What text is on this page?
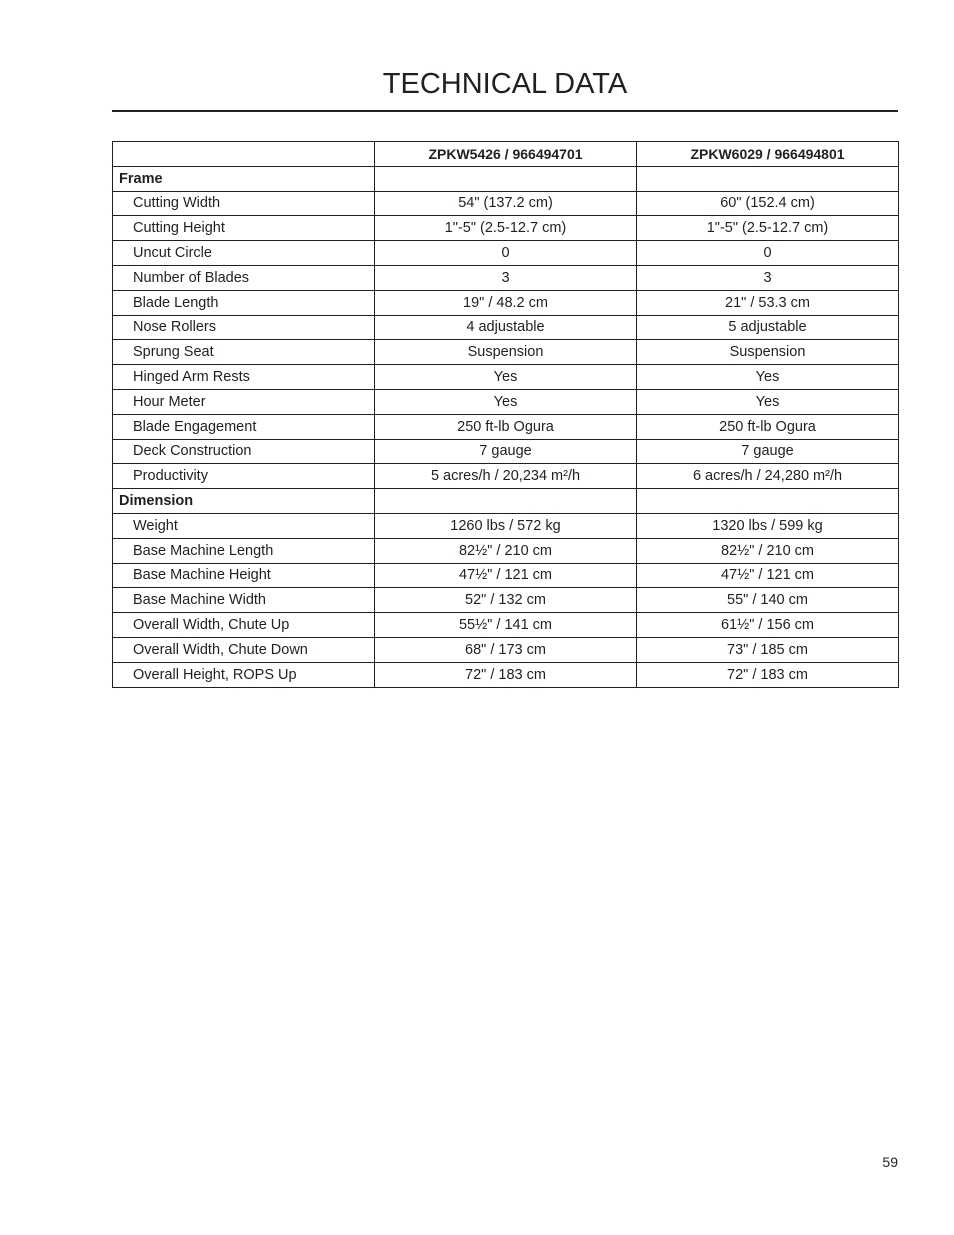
TECHNICAL DATA
	ZPKW5426 / 966494701	ZPKW6029 / 966494801
Frame		
Cutting Width	54" (137.2 cm)	60" (152.4 cm)
Cutting Height	1"-5" (2.5-12.7 cm)	1"-5" (2.5-12.7 cm)
Uncut Circle	0	0
Number of Blades	3	3
Blade Length	19" / 48.2 cm	21" / 53.3 cm
Nose Rollers	4 adjustable	5 adjustable
Sprung Seat	Suspension	Suspension
Hinged Arm Rests	Yes	Yes
Hour Meter	Yes	Yes
Blade Engagement	250 ft-lb Ogura	250 ft-lb Ogura
Deck Construction	7 gauge	7 gauge
Productivity	5 acres/h / 20,234 m²/h	6 acres/h / 24,280 m²/h
Dimension		
Weight	1260 lbs / 572 kg	1320 lbs / 599 kg
Base Machine Length	82½" / 210 cm	82½" / 210 cm
Base Machine Height	47½" / 121 cm	47½" / 121 cm
Base Machine Width	52" / 132 cm	55" / 140 cm
Overall Width, Chute Up	55½" / 141 cm	61½" / 156 cm
Overall Width, Chute Down	68" / 173 cm	73" / 185 cm
Overall Height, ROPS Up	72" / 183 cm	72" / 183 cm
59
